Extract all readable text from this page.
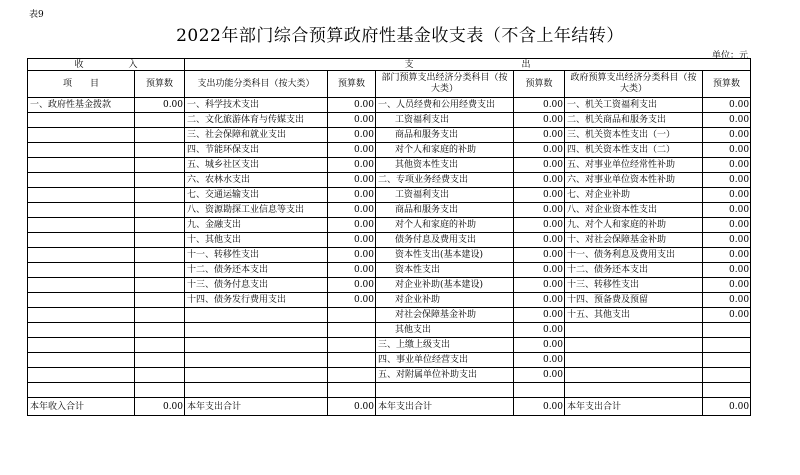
表9
2022年部门综合预算政府性基金收支表（不含上年结转）
单位：元
收　　　　　入		支　　　　　　　　　　　　出					
项　　目	预算数	支出功能分类科目（按大类）	预算数	部门预算支出经济分类科目（按大类）	预算数	政府预算支出经济分类科目（按大类）	预算数
一、政府性基金拨款	0.00	一、科学技术支出	0.00	一、人员经费和公用经费支出	0.00	一、机关工资福利支出	0.00
		二、文化旅游体育与传媒支出	0.00	工资福利支出	0.00	二、机关商品和服务支出	0.00
		三、社会保障和就业支出	0.00	商品和服务支出	0.00	三、机关资本性支出（一）	0.00
		四、节能环保支出	0.00	对个人和家庭的补助	0.00	四、机关资本性支出（二）	0.00
		五、城乡社区支出	0.00	其他资本性支出	0.00	五、对事业单位经常性补助	0.00
		六、农林水支出	0.00	二、专项业务经费支出	0.00	六、对事业单位资本性补助	0.00
		七、交通运输支出	0.00	工资福利支出	0.00	七、对企业补助	0.00
		八、资源勘探工业信息等支出	0.00	商品和服务支出	0.00	八、对企业资本性支出	0.00
		九、金融支出	0.00	对个人和家庭的补助	0.00	九、对个人和家庭的补助	0.00
		十、其他支出	0.00	债务付息及费用支出	0.00	十、对社会保障基金补助	0.00
		十一、转移性支出	0.00	资本性支出(基本建设)	0.00	十一、债务利息及费用支出	0.00
		十二、债务还本支出	0.00	资本性支出	0.00	十二、债务还本支出	0.00
		十三、债务付息支出	0.00	对企业补助(基本建设)	0.00	十三、转移性支出	0.00
		十四、债务发行费用支出	0.00	对企业补助	0.00	十四、预备费及预留	0.00
				对社会保障基金补助	0.00	十五、其他支出	0.00
				其他支出	0.00		
				三、上缴上级支出	0.00		
				四、事业单位经营支出	0.00		
				五、对附属单位补助支出	0.00		

本年收入合计	0.00	本年支出合计	0.00	本年支出合计	0.00	本年支出合计	0.00
